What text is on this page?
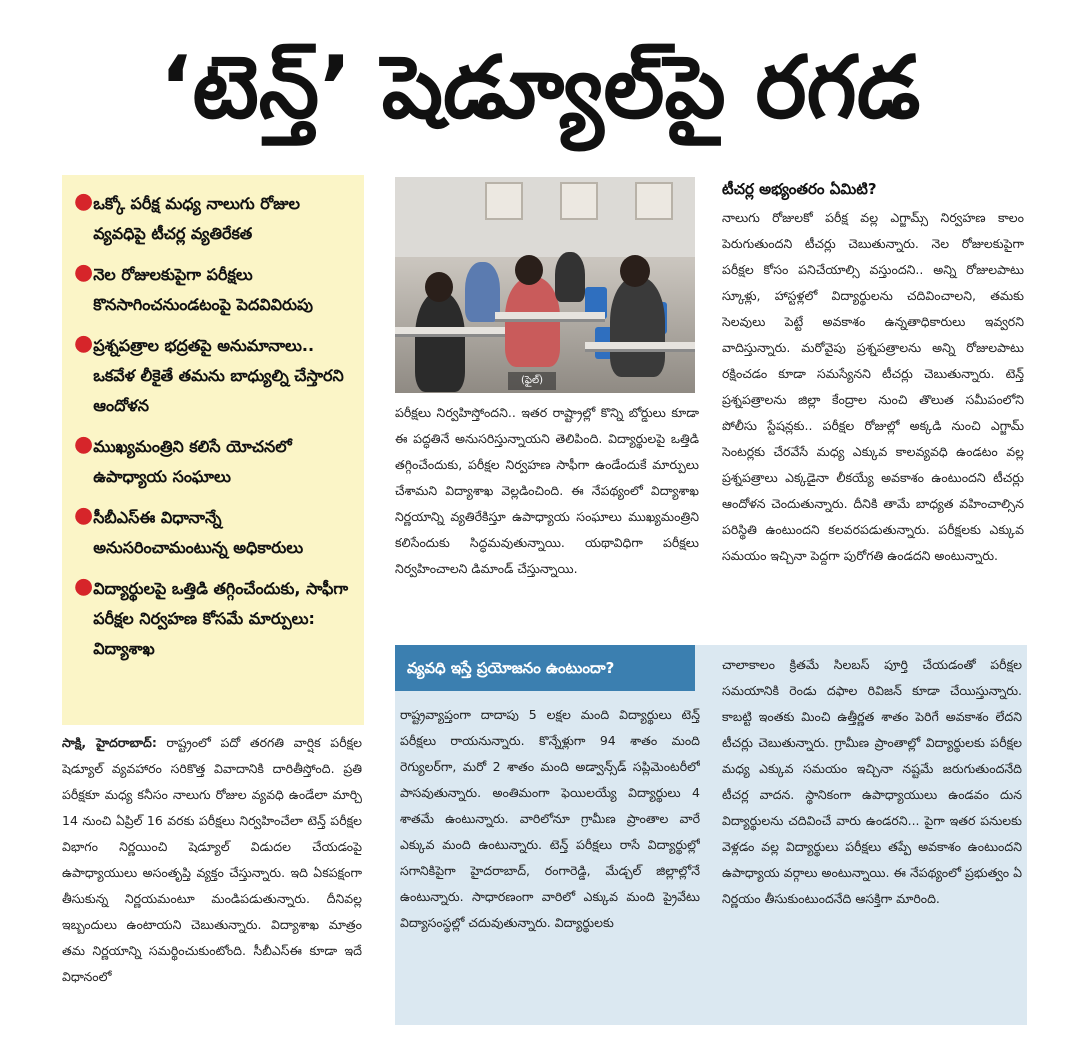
‘టెన్త్’ షెడ్యూల్‌పై రగడ
● ఒక్కో పరీక్ష మధ్య నాలుగు రోజుల వ్యవధిపై టీచర్ల వ్యతిరేకత
● నెల రోజులకుపైగా పరీక్షలు కొనసాగించనుండటంపై పెదవివిరుపు
● ప్రశ్నపత్రాల భద్రతపై అనుమానాలు.. ఒకవేళ లీకైతే తమను బాధ్యుల్ని చేస్తారని ఆందోళన
● ముఖ్యమంత్రిని కలిసే యోచనలో ఉపాధ్యాయ సంఘాలు
● సీబీఎస్‌ఈ విధానాన్నే అనుసరించామంటున్న అధికారులు
● విద్యార్థులపై ఒత్తిడి తగ్గించేందుకు, సాఫీగా పరీక్షల నిర్వహణ కోసమే మార్పులు: విద్యాశాఖ
సాక్షి, హైదరాబాద్: రాష్ట్రంలో పదో తరగతి వార్షిక పరీక్షల షెడ్యూల్ వ్యవహారం సరికొత్త వివాదానికి దారితీస్తోంది. ప్రతి పరీక్షకూ మధ్య కనీసం నాలుగు రోజుల వ్యవధి ఉండేలా మార్చి 14 నుంచి ఏప్రిల్ 16 వరకు పరీక్షలు నిర్వహించేలా టెన్త్ పరీక్షల విభాగం నిర్ణయించి షెడ్యూల్ విడుదల చేయడంపై ఉపాధ్యాయులు అసంతృప్తి వ్యక్తం చేస్తున్నారు. ఇది ఏకపక్షంగా తీసుకున్న నిర్ణయమంటూ మండిపడుతున్నారు. దీనివల్ల ఇబ్బందులు ఉంటాయని చెబుతున్నారు. విద్యాశాఖ మాత్రం తమ నిర్ణయాన్ని సమర్థించుకుంటోంది. సీబీఎస్ఈ కూడా ఇదే విధానంలో
(ఫైల్)
పరీక్షలు నిర్వహిస్తోందని.. ఇతర రాష్ట్రాల్లో కొన్ని బోర్డులు కూడా ఈ పద్ధతినే అనుసరిస్తున్నాయని తెలిపింది. విద్యార్థులపై ఒత్తిడి తగ్గించేందుకు, పరీక్షల నిర్వహణ సాఫీగా ఉండేందుకే మార్పులు చేశామని విద్యాశాఖ వెల్లడించింది. ఈ నేపథ్యంలో విద్యాశాఖ నిర్ణయాన్ని వ్యతిరేకిస్తూ ఉపాధ్యాయ సంఘాలు ముఖ్యమంత్రిని కలిసేందుకు సిద్ధమవుతున్నాయి. యథావిధిగా పరీక్షలు నిర్వహించాలని డిమాండ్ చేస్తున్నాయి.
టీచర్ల అభ్యంతరం ఏమిటి?
నాలుగు రోజులకో పరీక్ష వల్ల ఎగ్జామ్స్ నిర్వహణ కాలం పెరుగుతుందని టీచర్లు చెబుతున్నారు. నెల రోజులకుపైగా పరీక్షల కోసం పనిచేయాల్సి వస్తుందని.. అన్ని రోజులపాటు స్కూళ్లు, హాస్టళ్లలో విద్యార్థులను చదివించాలని, తమకు సెలవులు పెట్టే అవకాశం ఉన్నతాధికారులు ఇవ్వరని వాదిస్తున్నారు. మరోవైపు ప్రశ్నపత్రాలను అన్ని రోజులపాటు రక్షించడం కూడా సమస్యేనని టీచర్లు చెబుతున్నారు. టెన్త్ ప్రశ్నపత్రాలను జిల్లా కేంద్రాల నుంచి తొలుత సమీపంలోని పోలీసు స్టేషన్లకు.. పరీక్షల రోజుల్లో అక్కడి నుంచి ఎగ్జామ్ సెంటర్లకు చేరవేసే మధ్య ఎక్కువ కాలవ్యవధి ఉండటం వల్ల ప్రశ్నపత్రాలు ఎక్కడైనా లీకయ్యే అవకాశం ఉంటుందని టీచర్లు ఆందోళన చెందుతున్నారు. దీనికి తామే బాధ్యత వహించాల్సిన పరిస్థితి ఉంటుందని కలవరపడుతున్నారు. పరీక్షలకు ఎక్కువ సమయం ఇచ్చినా పెద్దగా పురోగతి ఉండదని అంటున్నారు.
వ్యవధి ఇస్తే ప్రయోజనం ఉంటుందా?
రాష్ట్రవ్యాప్తంగా దాదాపు 5 లక్షల మంది విద్యార్థులు టెన్త్ పరీక్షలు రాయనున్నారు. కొన్నేళ్లుగా 94 శాతం మంది రెగ్యులర్‌గా, మరో 2 శాతం మంది అడ్వాన్స్‌డ్ సప్లిమెంటరీలో పాసవుతున్నారు. అంతిమంగా ఫెయిలయ్యే విద్యార్థులు 4 శాతమే ఉంటున్నారు. వారిలోనూ గ్రామీణ ప్రాంతాల వారే ఎక్కువ మంది ఉంటున్నారు. టెన్త్ పరీక్షలు రాసే విద్యార్థుల్లో సగానికిపైగా హైదరాబాద్, రంగారెడ్డి, మేడ్చల్ జిల్లాల్లోనే ఉంటున్నారు. సాధారణంగా వారిలో ఎక్కువ మంది ప్రైవేటు విద్యాసంస్థల్లో చదువుతున్నారు. విద్యార్థులకు
చాలాకాలం క్రితమే సిలబస్ పూర్తి చేయడంతో పరీక్షల సమయానికి రెండు దఫాల రివిజన్ కూడా చేయిస్తున్నారు. కాబట్టి ఇంతకు మించి ఉత్తీర్ణత శాతం పెరిగే అవకాశం లేదని టీచర్లు చెబుతున్నారు. గ్రామీణ ప్రాంతాల్లో విద్యార్థులకు పరీక్షల మధ్య ఎక్కువ సమయం ఇచ్చినా నష్టమే జరుగుతుందనేది టీచర్ల వాదన. స్థానికంగా ఉపాధ్యాయులు ఉండవం దున విద్యార్థులను చదివించే వారు ఉండరని... పైగా ఇతర పనులకు వెళ్లడం వల్ల విద్యార్థులు పరీక్షలు తప్పే అవకాశం ఉంటుందని ఉపాధ్యాయ వర్గాలు అంటున్నాయి. ఈ నేపథ్యంలో ప్రభుత్వం ఏ నిర్ణయం తీసుకుంటుందనేది ఆసక్తిగా మారింది.
